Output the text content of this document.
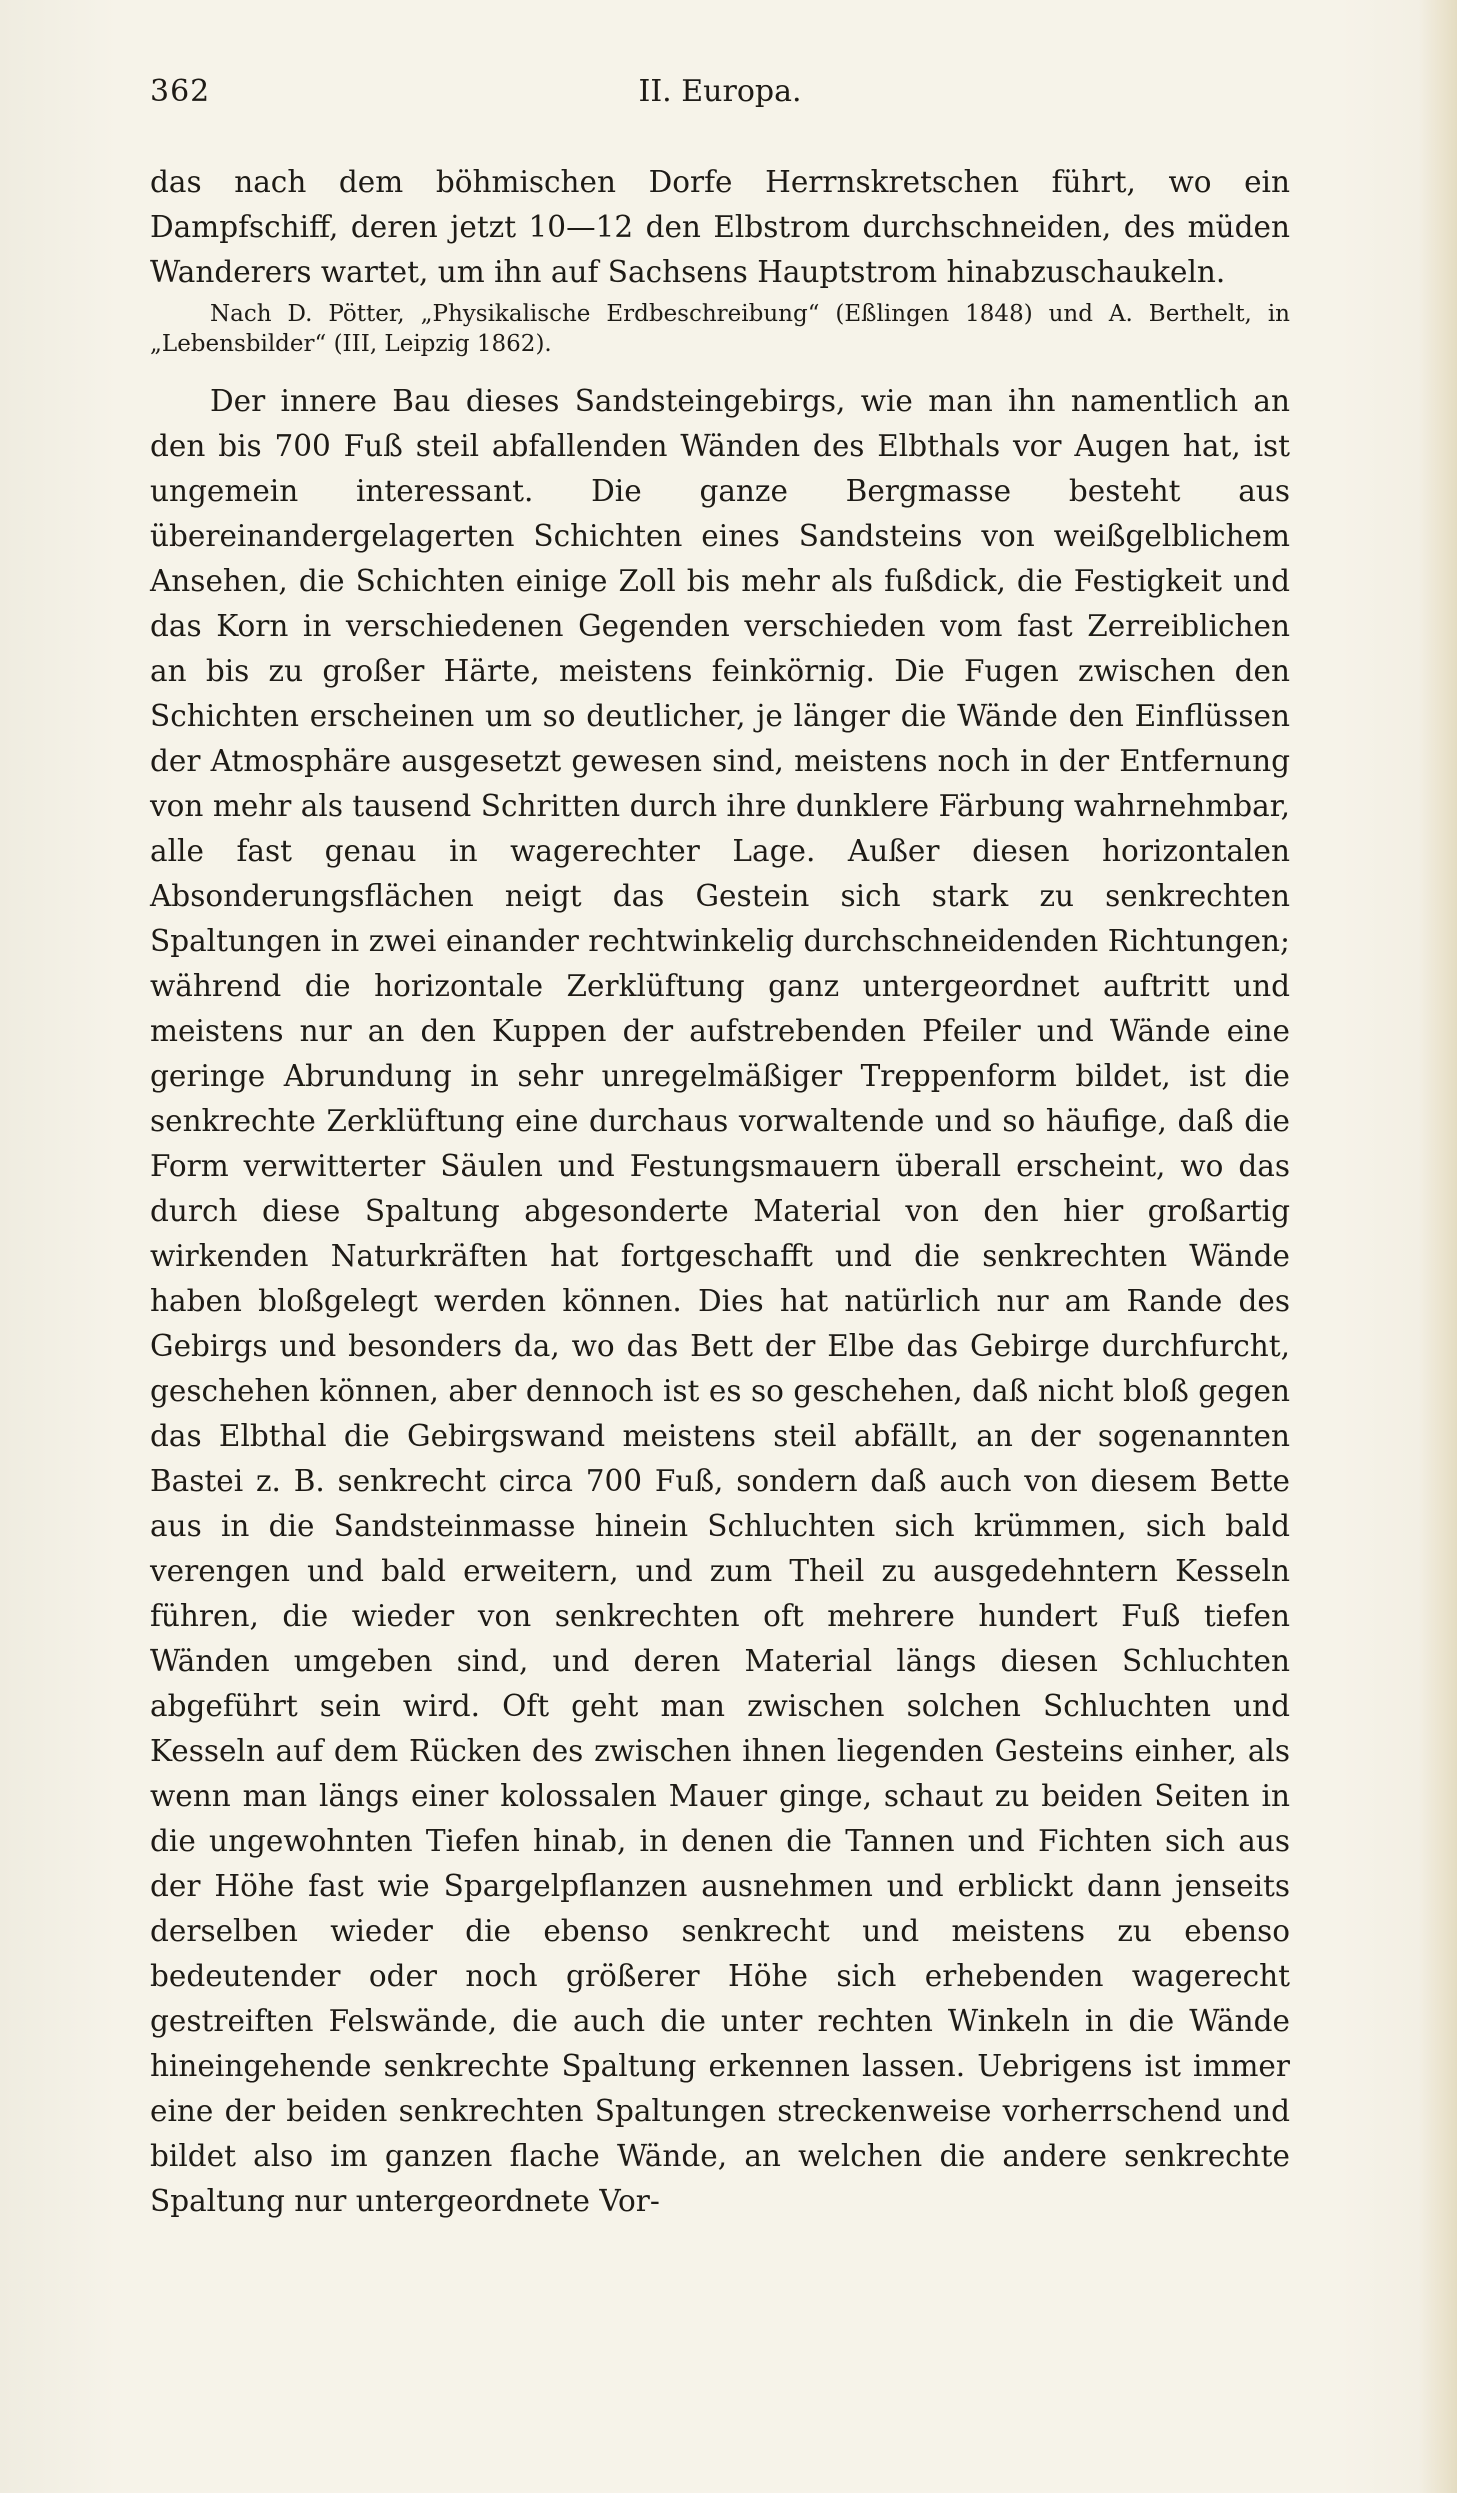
362	II. Europa.

das nach dem böhmischen Dorfe Herrnskretschen führt, wo ein Dampfschiff, deren jetzt 10—12 den Elbstrom durchschneiden, des müden Wanderers wartet, um ihn auf Sachsens Hauptstrom hinabzuschaukeln.

Nach D. Pötter, „Physikalische Erdbeschreibung“ (Eßlingen 1848) und A. Berthelt, in „Lebensbilder“ (III, Leipzig 1862).

Der innere Bau dieses Sandsteingebirgs, wie man ihn namentlich an den bis 700 Fuß steil abfallenden Wänden des Elbthals vor Augen hat, ist ungemein interessant. Die ganze Bergmasse besteht aus übereinandergelagerten Schichten eines Sandsteins von weißgelblichem Ansehen, die Schichten einige Zoll bis mehr als fußdick, die Festigkeit und das Korn in verschiedenen Gegenden verschieden vom fast Zerreiblichen an bis zu großer Härte, meistens feinkörnig. Die Fugen zwischen den Schichten erscheinen um so deutlicher, je länger die Wände den Einflüssen der Atmosphäre ausgesetzt gewesen sind, meistens noch in der Entfernung von mehr als tausend Schritten durch ihre dunklere Färbung wahrnehmbar, alle fast genau in wagerechter Lage. Außer diesen horizontalen Absonderungsflächen neigt das Gestein sich stark zu senkrechten Spaltungen in zwei einander rechtwinkelig durchschneidenden Richtungen; während die horizontale Zerklüftung ganz untergeordnet auftritt und meistens nur an den Kuppen der aufstrebenden Pfeiler und Wände eine geringe Abrundung in sehr unregelmäßiger Treppenform bildet, ist die senkrechte Zerklüftung eine durchaus vorwaltende und so häufige, daß die Form verwitterter Säulen und Festungsmauern überall erscheint, wo das durch diese Spaltung abgesonderte Material von den hier großartig wirkenden Naturkräften hat fortgeschafft und die senkrechten Wände haben bloßgelegt werden können. Dies hat natürlich nur am Rande des Gebirgs und besonders da, wo das Bett der Elbe das Gebirge durchfurcht, geschehen können, aber dennoch ist es so geschehen, daß nicht bloß gegen das Elbthal die Gebirgswand meistens steil abfällt, an der sogenannten Bastei z. B. senkrecht circa 700 Fuß, sondern daß auch von diesem Bette aus in die Sandsteinmasse hinein Schluchten sich krümmen, sich bald verengen und bald erweitern, und zum Theil zu ausgedehntern Kesseln führen, die wieder von senkrechten oft mehrere hundert Fuß tiefen Wänden umgeben sind, und deren Material längs diesen Schluchten abgeführt sein wird. Oft geht man zwischen solchen Schluchten und Kesseln auf dem Rücken des zwischen ihnen liegenden Gesteins einher, als wenn man längs einer kolossalen Mauer ginge, schaut zu beiden Seiten in die ungewohnten Tiefen hinab, in denen die Tannen und Fichten sich aus der Höhe fast wie Spargelpflanzen ausnehmen und erblickt dann jenseits derselben wieder die ebenso senkrecht und meistens zu ebenso bedeutender oder noch größerer Höhe sich erhebenden wagerecht gestreiften Felswände, die auch die unter rechten Winkeln in die Wände hineingehende senkrechte Spaltung erkennen lassen. Uebrigens ist immer eine der beiden senkrechten Spaltungen streckenweise vorherrschend und bildet also im ganzen flache Wände, an welchen die andere senkrechte Spaltung nur untergeordnete Vor-
